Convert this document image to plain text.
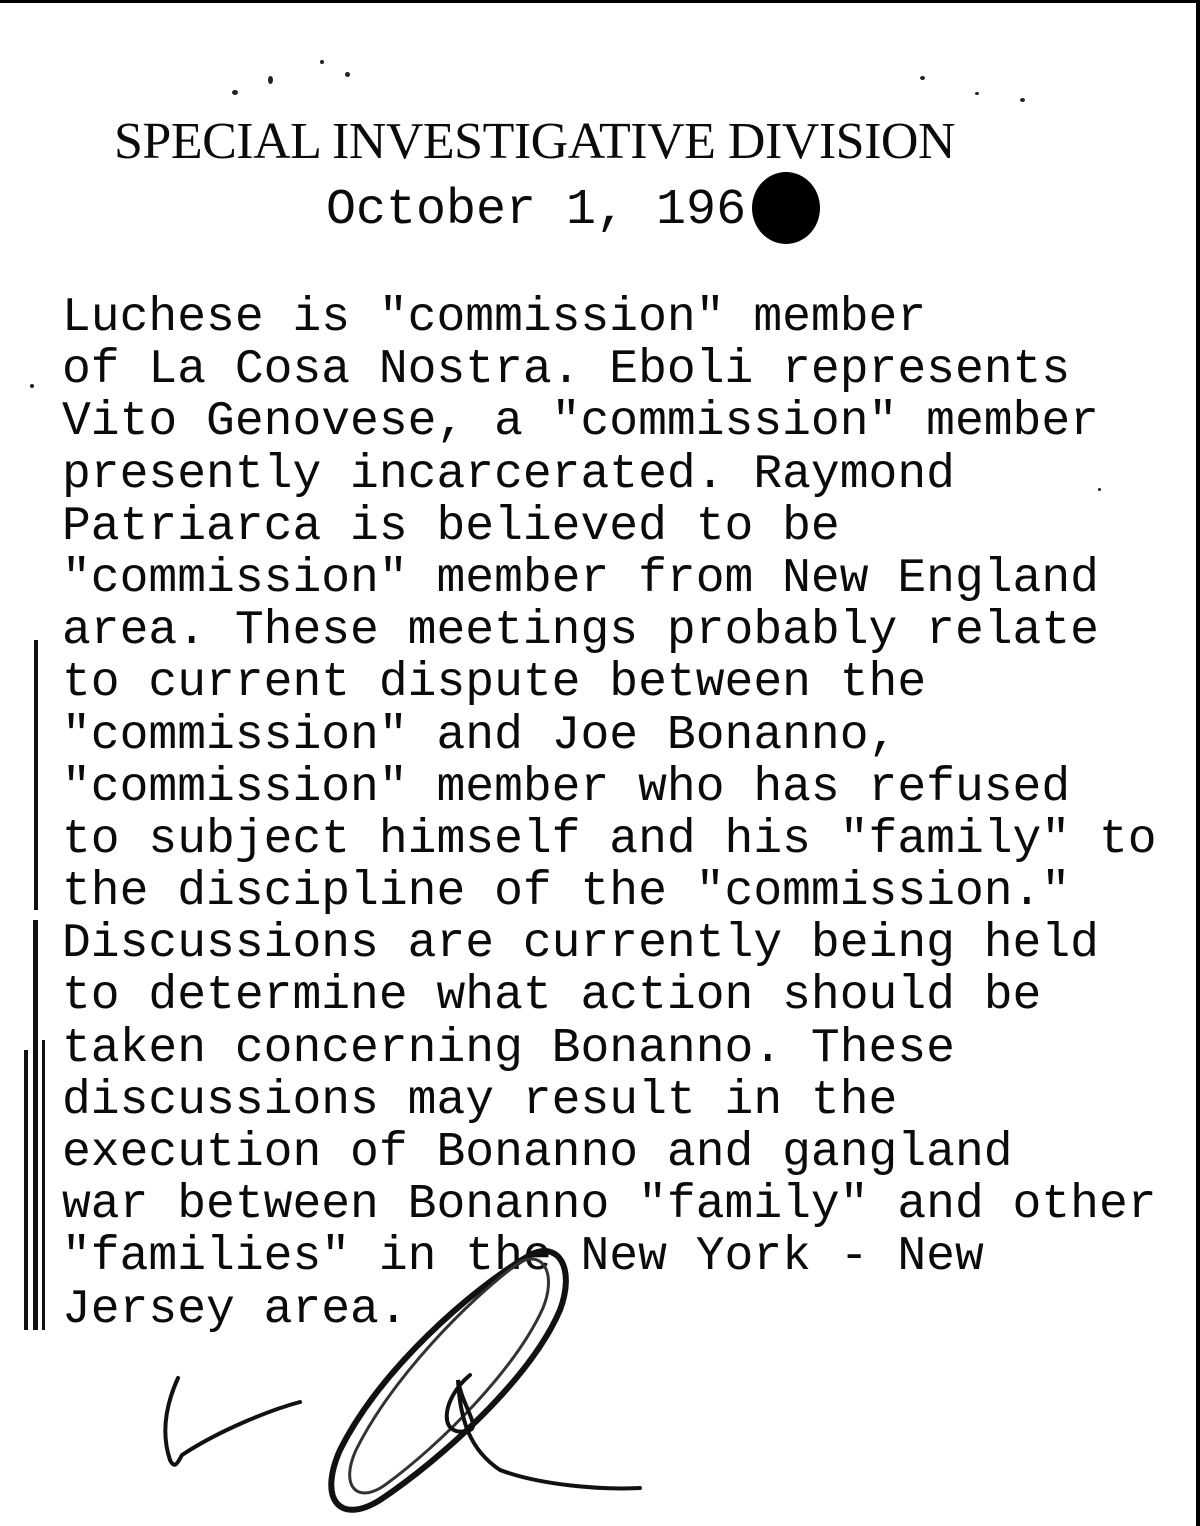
SPECIAL INVESTIGATIVE DIVISION
October 1, 196
Luchese is "commission" member
of La Cosa Nostra. Eboli represents
Vito Genovese, a "commission" member
presently incarcerated. Raymond
Patriarca is believed to be
"commission" member from New England
area. These meetings probably relate
to current dispute between the
"commission" and Joe Bonanno,
"commission" member who has refused
to subject himself and his "family" to
the discipline of the "commission."
Discussions are currently being held
to determine what action should be
taken concerning Bonanno. These
discussions may result in the
execution of Bonanno and gangland
war between Bonanno "family" and other
"families" in the New York - New
Jersey area.
